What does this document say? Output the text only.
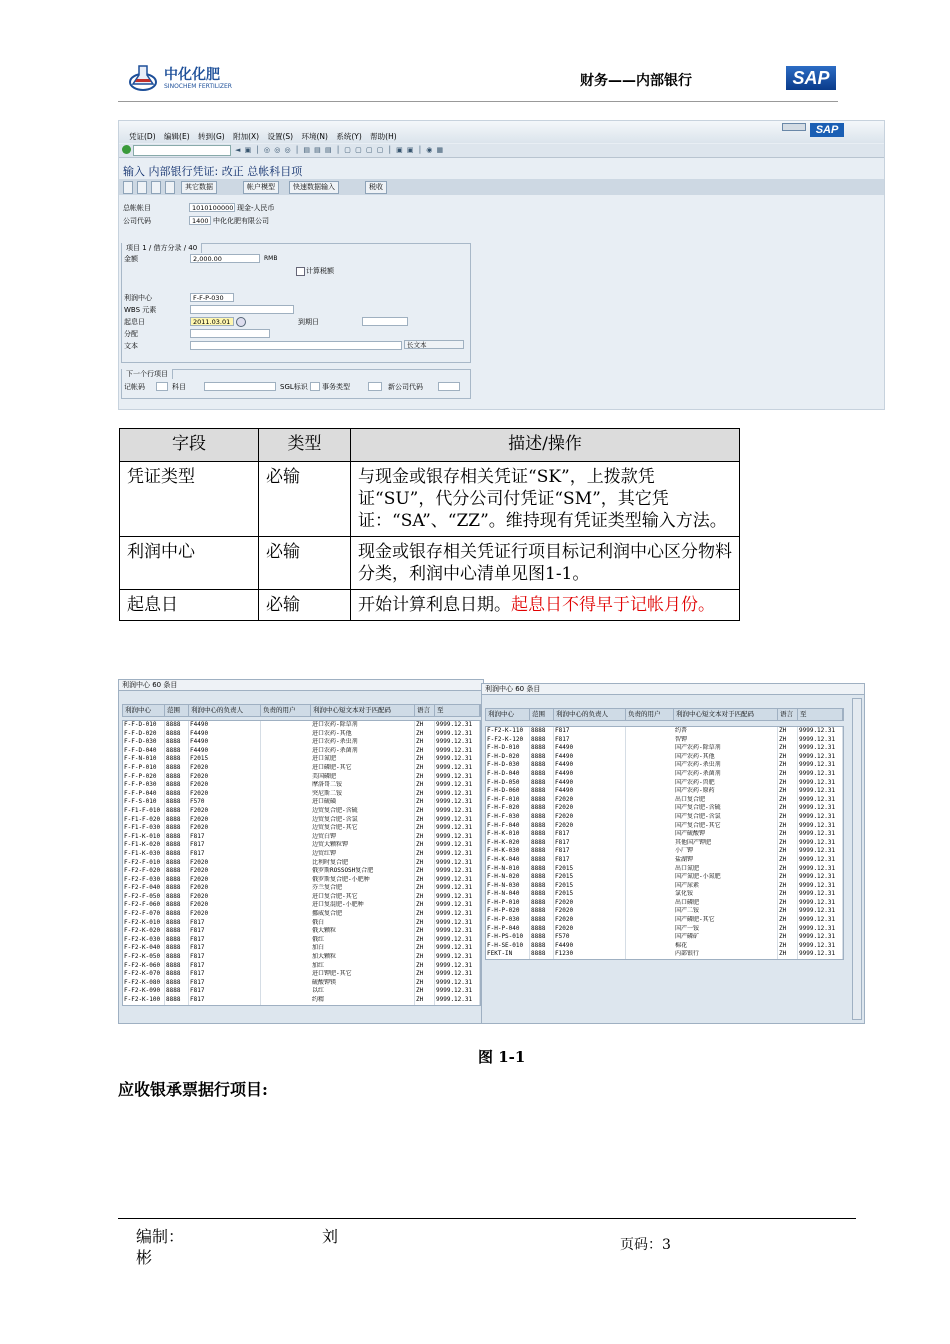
中化化肥
SINOCHEM FERTILIZER	财务——内部银行	SAP
凭证(D) 编辑(E) 转到(G) 附加(X) 设置(S) 环境(N) 系统(Y) 帮助(H)
SAP
◄ ▣ │ ◎ ◎ ◎ │ ▤ ▤ ▤ │ ▢ ▢ ▢ ▢ │ ▣ ▣ │ ◉ ▦
输入 内部银行凭证: 改正 总帐科目项
其它数据	帐户模型	快速数据输入	税收
总帐帐目	1010100000 现金-人民币
公司代码	1400 中化化肥有限公司
项目 1 / 借方分录 / 40
金额	2,000.00	RMB
计算税额
利润中心	F-F-P-030
WBS 元素
起息日	2011.03.01	到期日
分配
文本	长文本
下一个行项目
记帐码	科目	SGL标识 事务类型	新公司代码
字段	类型	描述/操作
凭证类型	必输	与现金或银存相关凭证“SK”，上拨款凭证“SU”，代分公司付凭证“SM”，其它凭证：“SA”、“ZZ”。维持现有凭证类型输入方法。
利润中心	必输	现金或银存相关凭证行项目标记利润中心区分物料分类，利润中心清单见图1-1。
起息日	必输	开始计算利息日期。起息日不得早于记帐月份。
利润中心 60 条目
利润中心 范围 利润中心的负责人	负责的用户	利润中心短文本对于匹配码	语言 至
F-F-D-010 8888 F4490	进口农药-除草剂	ZH 9999.12.31
F-F-D-020 8888 F4490	进口农药-其他	ZH 9999.12.31
F-F-D-030 8888 F4490	进口农药-杀虫剂	ZH 9999.12.31
F-F-D-040 8888 F4490	进口农药-杀菌剂	ZH 9999.12.31
F-F-N-010 8888 F2015	进口氮肥	ZH 9999.12.31
F-F-P-010 8888 F2020	进口磷肥-其它	ZH 9999.12.31
F-F-P-020 8888 F2020	美国磷肥	ZH 9999.12.31
F-F-P-030 8888 F2020	摩洛哥二铵	ZH 9999.12.31
F-F-P-040 8888 F2020	突尼斯二铵	ZH 9999.12.31
F-F-S-010 8888 F570	进口硫磺	ZH 9999.12.31
F-F1-F-010 8888 F2020	边贸复合肥-含硫	ZH 9999.12.31
F-F1-F-020 8888 F2020	边贸复合肥-含氯	ZH 9999.12.31
F-F1-F-030 8888 F2020	边贸复合肥-其它	ZH 9999.12.31
F-F1-K-010 8888 F817	边贸白钾	ZH 9999.12.31
F-F1-K-020 8888 F817	边贸大颗粒钾	ZH 9999.12.31
F-F1-K-030 8888 F817	边贸红钾	ZH 9999.12.31
F-F2-F-010 8888 F2020	比利时复合肥	ZH 9999.12.31
F-F2-F-020 8888 F2020	俄罗斯ROSSOSH复合肥	ZH 9999.12.31
F-F2-F-030 8888 F2020	俄罗斯复合肥-小肥种	ZH 9999.12.31
F-F2-F-040 8888 F2020	芬兰复合肥	ZH 9999.12.31
F-F2-F-050 8888 F2020	进口复合肥-其它	ZH 9999.12.31
F-F2-F-060 8888 F2020	进口复混肥-小肥种	ZH 9999.12.31
F-F2-F-070 8888 F2020	挪威复合肥	ZH 9999.12.31
F-F2-K-010 8888 F817	俄白	ZH 9999.12.31
F-F2-K-020 8888 F817	俄大颗粒	ZH 9999.12.31
F-F2-K-030 8888 F817	俄红	ZH 9999.12.31
F-F2-K-040 8888 F817	加白	ZH 9999.12.31
F-F2-K-050 8888 F817	加大颗粒	ZH 9999.12.31
F-F2-K-060 8888 F817	加红	ZH 9999.12.31
F-F2-K-070 8888 F817	进口钾肥-其它	ZH 9999.12.31
F-F2-K-080 8888 F817	硫酸钾镁	ZH 9999.12.31
F-F2-K-090 8888 F817	以红	ZH 9999.12.31
F-F2-K-100 8888 F817	约精	ZH 9999.12.31
利润中心 60 条目
利润中心	范围 利润中心的负责人	负责的用户 利润中心短文本对于匹配码	语言 至
F-F2-K-110 8888 F817	约普	ZH 9999.12.31
F-F2-K-120 8888 F817	智钾	ZH 9999.12.31
F-H-D-010 8888 F4490	国产农药-除草剂	ZH 9999.12.31
F-H-D-020 8888 F4490	国产农药-其他	ZH 9999.12.31
F-H-D-030 8888 F4490	国产农药-杀虫剂	ZH 9999.12.31
F-H-D-040 8888 F4490	国产农药-杀菌剂	ZH 9999.12.31
F-H-D-050 8888 F4490	国产农药-兽肥	ZH 9999.12.31
F-H-D-060 8888 F4490	国产农药-原药	ZH 9999.12.31
F-H-F-010 8888 F2020	出口复合肥	ZH 9999.12.31
F-H-F-020 8888 F2020	国产复合肥-含硫	ZH 9999.12.31
F-H-F-030 8888 F2020	国产复合肥-含氯	ZH 9999.12.31
F-H-F-040 8888 F2020	国产复合肥-其它	ZH 9999.12.31
F-H-K-010 8888 F817	国产硫酸钾	ZH 9999.12.31
F-H-K-020 8888 F817	其他国产钾肥	ZH 9999.12.31
F-H-K-030 8888 F817	小厂钾	ZH 9999.12.31
F-H-K-040 8888 F817	盐湖钾	ZH 9999.12.31
F-H-N-010 8888 F2015	出口氮肥	ZH 9999.12.31
F-H-N-020 8888 F2015	国产氮肥-小氮肥	ZH 9999.12.31
F-H-N-030 8888 F2015	国产尿素	ZH 9999.12.31
F-H-N-040 8888 F2015	氯化铵	ZH 9999.12.31
F-H-P-010 8888 F2020	出口磷肥	ZH 9999.12.31
F-H-P-020 8888 F2020	国产二铵	ZH 9999.12.31
F-H-P-030 8888 F2020	国产磷肥-其它	ZH 9999.12.31
F-H-P-040 8888 F2020	国产一铵	ZH 9999.12.31
F-H-PS-010 8888 F570	国产磷矿	ZH 9999.12.31
F-H-SE-010 8888 F4490	棉花	ZH 9999.12.31
FEKT-IN	8888 F1230	内部银行	ZH 9999.12.31
图 1-1
应收银承票据行项目:
编制：	刘
彬
页码：3
